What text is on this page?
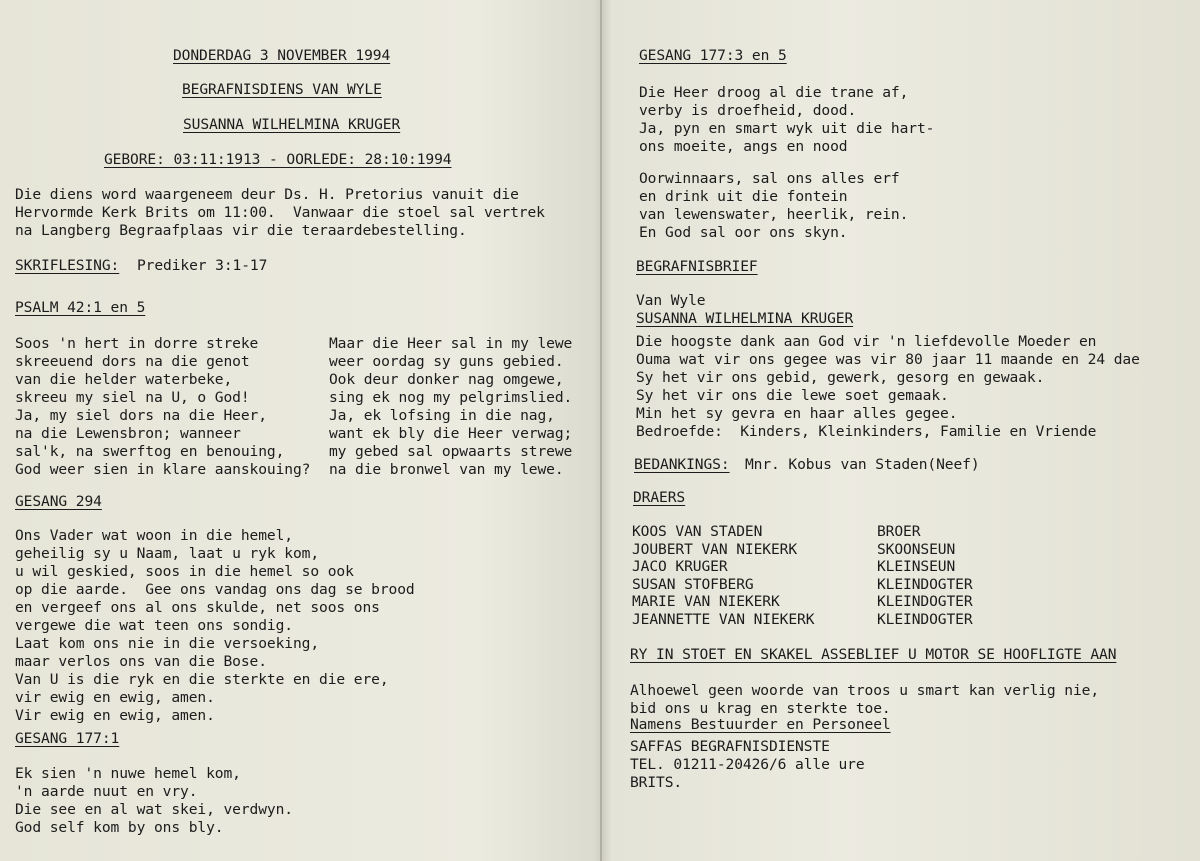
DONDERDAG 3 NOVEMBER 1994
BEGRAFNISDIENS VAN WYLE
SUSANNA WILHELMINA KRUGER
GEBORE: 03:11:1913 - OORLEDE: 28:10:1994
Die diens word waargeneem deur Ds. H. Pretorius vanuit die
Hervormde Kerk Brits om 11:00.  Vanwaar die stoel sal vertrek
na Langberg Begraafplaas vir die teraardebestelling.
SKRIFLESING: Prediker 3:1-17
PSALM 42:1 en 5
Soos 'n hert in dorre streke
skreeuend dors na die genot
van die helder waterbeke,
skreeu my siel na U, o God!
Ja, my siel dors na die Heer,
na die Lewensbron; wanneer
sal'k, na swerftog en benouing,
God weer sien in klare aanskouing?
Maar die Heer sal in my lewe
weer oordag sy guns gebied.
Ook deur donker nag omgewe,
sing ek nog my pelgrimslied.
Ja, ek lofsing in die nag,
want ek bly die Heer verwag;
my gebed sal opwaarts strewe
na die bronwel van my lewe.
GESANG 294
Ons Vader wat woon in die hemel,
geheilig sy u Naam, laat u ryk kom,
u wil geskied, soos in die hemel so ook
op die aarde.  Gee ons vandag ons dag se brood
en vergeef ons al ons skulde, net soos ons
vergewe die wat teen ons sondig.
Laat kom ons nie in die versoeking,
maar verlos ons van die Bose.
Van U is die ryk en die sterkte en die ere,
vir ewig en ewig, amen.
Vir ewig en ewig, amen.
GESANG 177:1
Ek sien 'n nuwe hemel kom,
'n aarde nuut en vry.
Die see en al wat skei, verdwyn.
God self kom by ons bly.
GESANG 177:3 en 5
Die Heer droog al die trane af,
verby is droefheid, dood.
Ja, pyn en smart wyk uit die hart-
ons moeite, angs en nood
Oorwinnaars, sal ons alles erf
en drink uit die fontein
van lewenswater, heerlik, rein.
En God sal oor ons skyn.
BEGRAFNISBRIEF
Van Wyle
SUSANNA WILHELMINA KRUGER
Die hoogste dank aan God vir 'n liefdevolle Moeder en
Ouma wat vir ons gegee was vir 80 jaar 11 maande en 24 dae
Sy het vir ons gebid, gewerk, gesorg en gewaak.
Sy het vir ons die lewe soet gemaak.
Min het sy gevra en haar alles gegee.
Bedroefde:  Kinders, Kleinkinders, Familie en Vriende
BEDANKINGS: Mnr. Kobus van Staden(Neef)
DRAERS
KOOS VAN STADEN	BROER
JOUBERT VAN NIEKERK	SKOONSEUN
JACO KRUGER	KLEINSEUN
SUSAN STOFBERG	KLEINDOGTER
MARIE VAN NIEKERK	KLEINDOGTER
JEANNETTE VAN NIEKERK	KLEINDOGTER
RY IN STOET EN SKAKEL ASSEBLIEF U MOTOR SE HOOFLIGTE AAN
Alhoewel geen woorde van troos u smart kan verlig nie,
bid ons u krag en sterkte toe.
Namens Bestuurder en Personeel
SAFFAS BEGRAFNISDIENSTE
TEL. 01211-20426/6 alle ure
BRITS.
